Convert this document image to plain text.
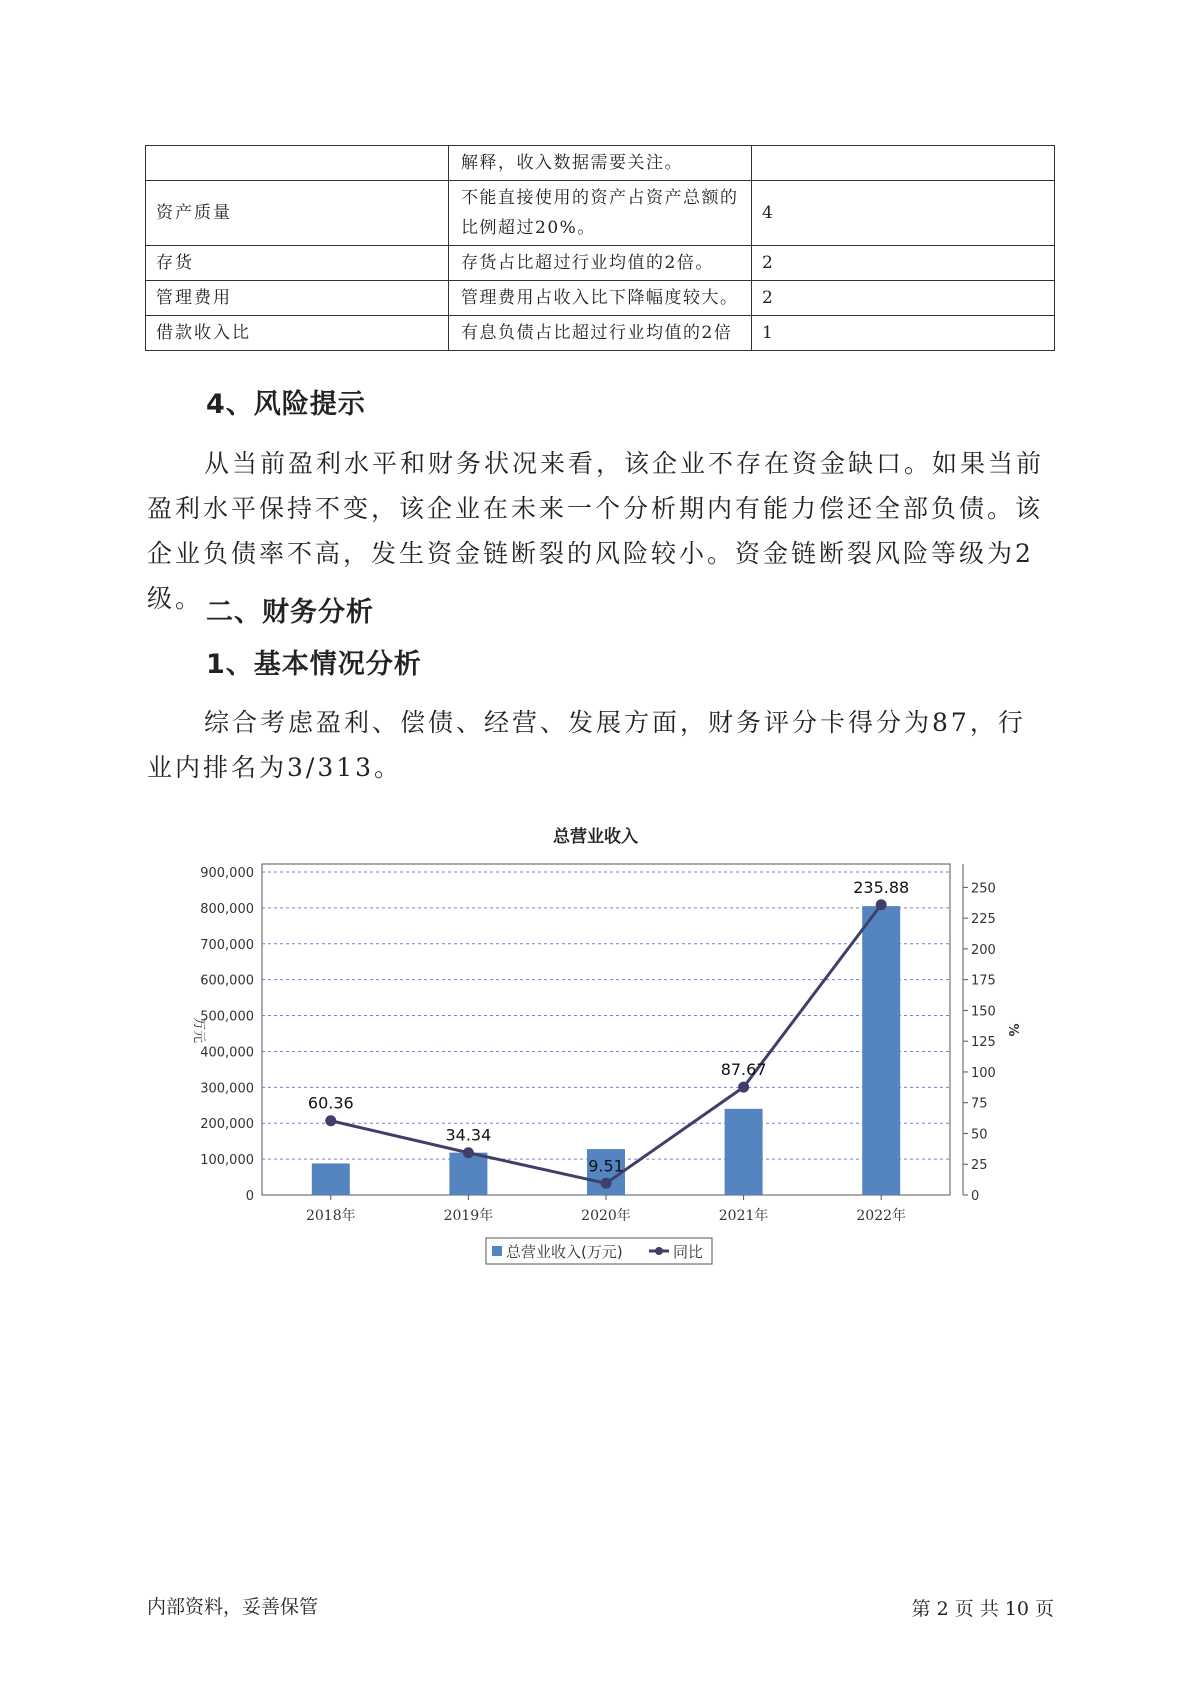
	解释，收入数据需要关注。	
资产质量	不能直接使用的资产占资产总额的比例超过20%。	4
存货	存货占比超过行业均值的2倍。	2
管理费用	管理费用占收入比下降幅度较大。	2
借款收入比	有息负债占比超过行业均值的2倍	1
4、风险提示
从当前盈利水平和财务状况来看，该企业不存在资金缺口。如果当前盈利水平保持不变，该企业在未来一个分析期内有能力偿还全部负债。该企业负债率不高，发生资金链断裂的风险较小。资金链断裂风险等级为2级。 二、财务分析
1、基本情况分析
综合考虑盈利、偿债、经营、发展方面，财务评分卡得分为87，行业内排名为3/313。
总营业收入
0
100,000
200,000
300,000
400,000
500,000
600,000
700,000
800,000
900,000
0
25
50
75
100
125
150
175
200
225
250
万元	%
2018年	2019年	2020年	2021年	2022年
60.36
34.34
9.51
87.67
235.88
总营业收入(万元)	同比
内部资料，妥善保管	第 2 页 共 10 页
